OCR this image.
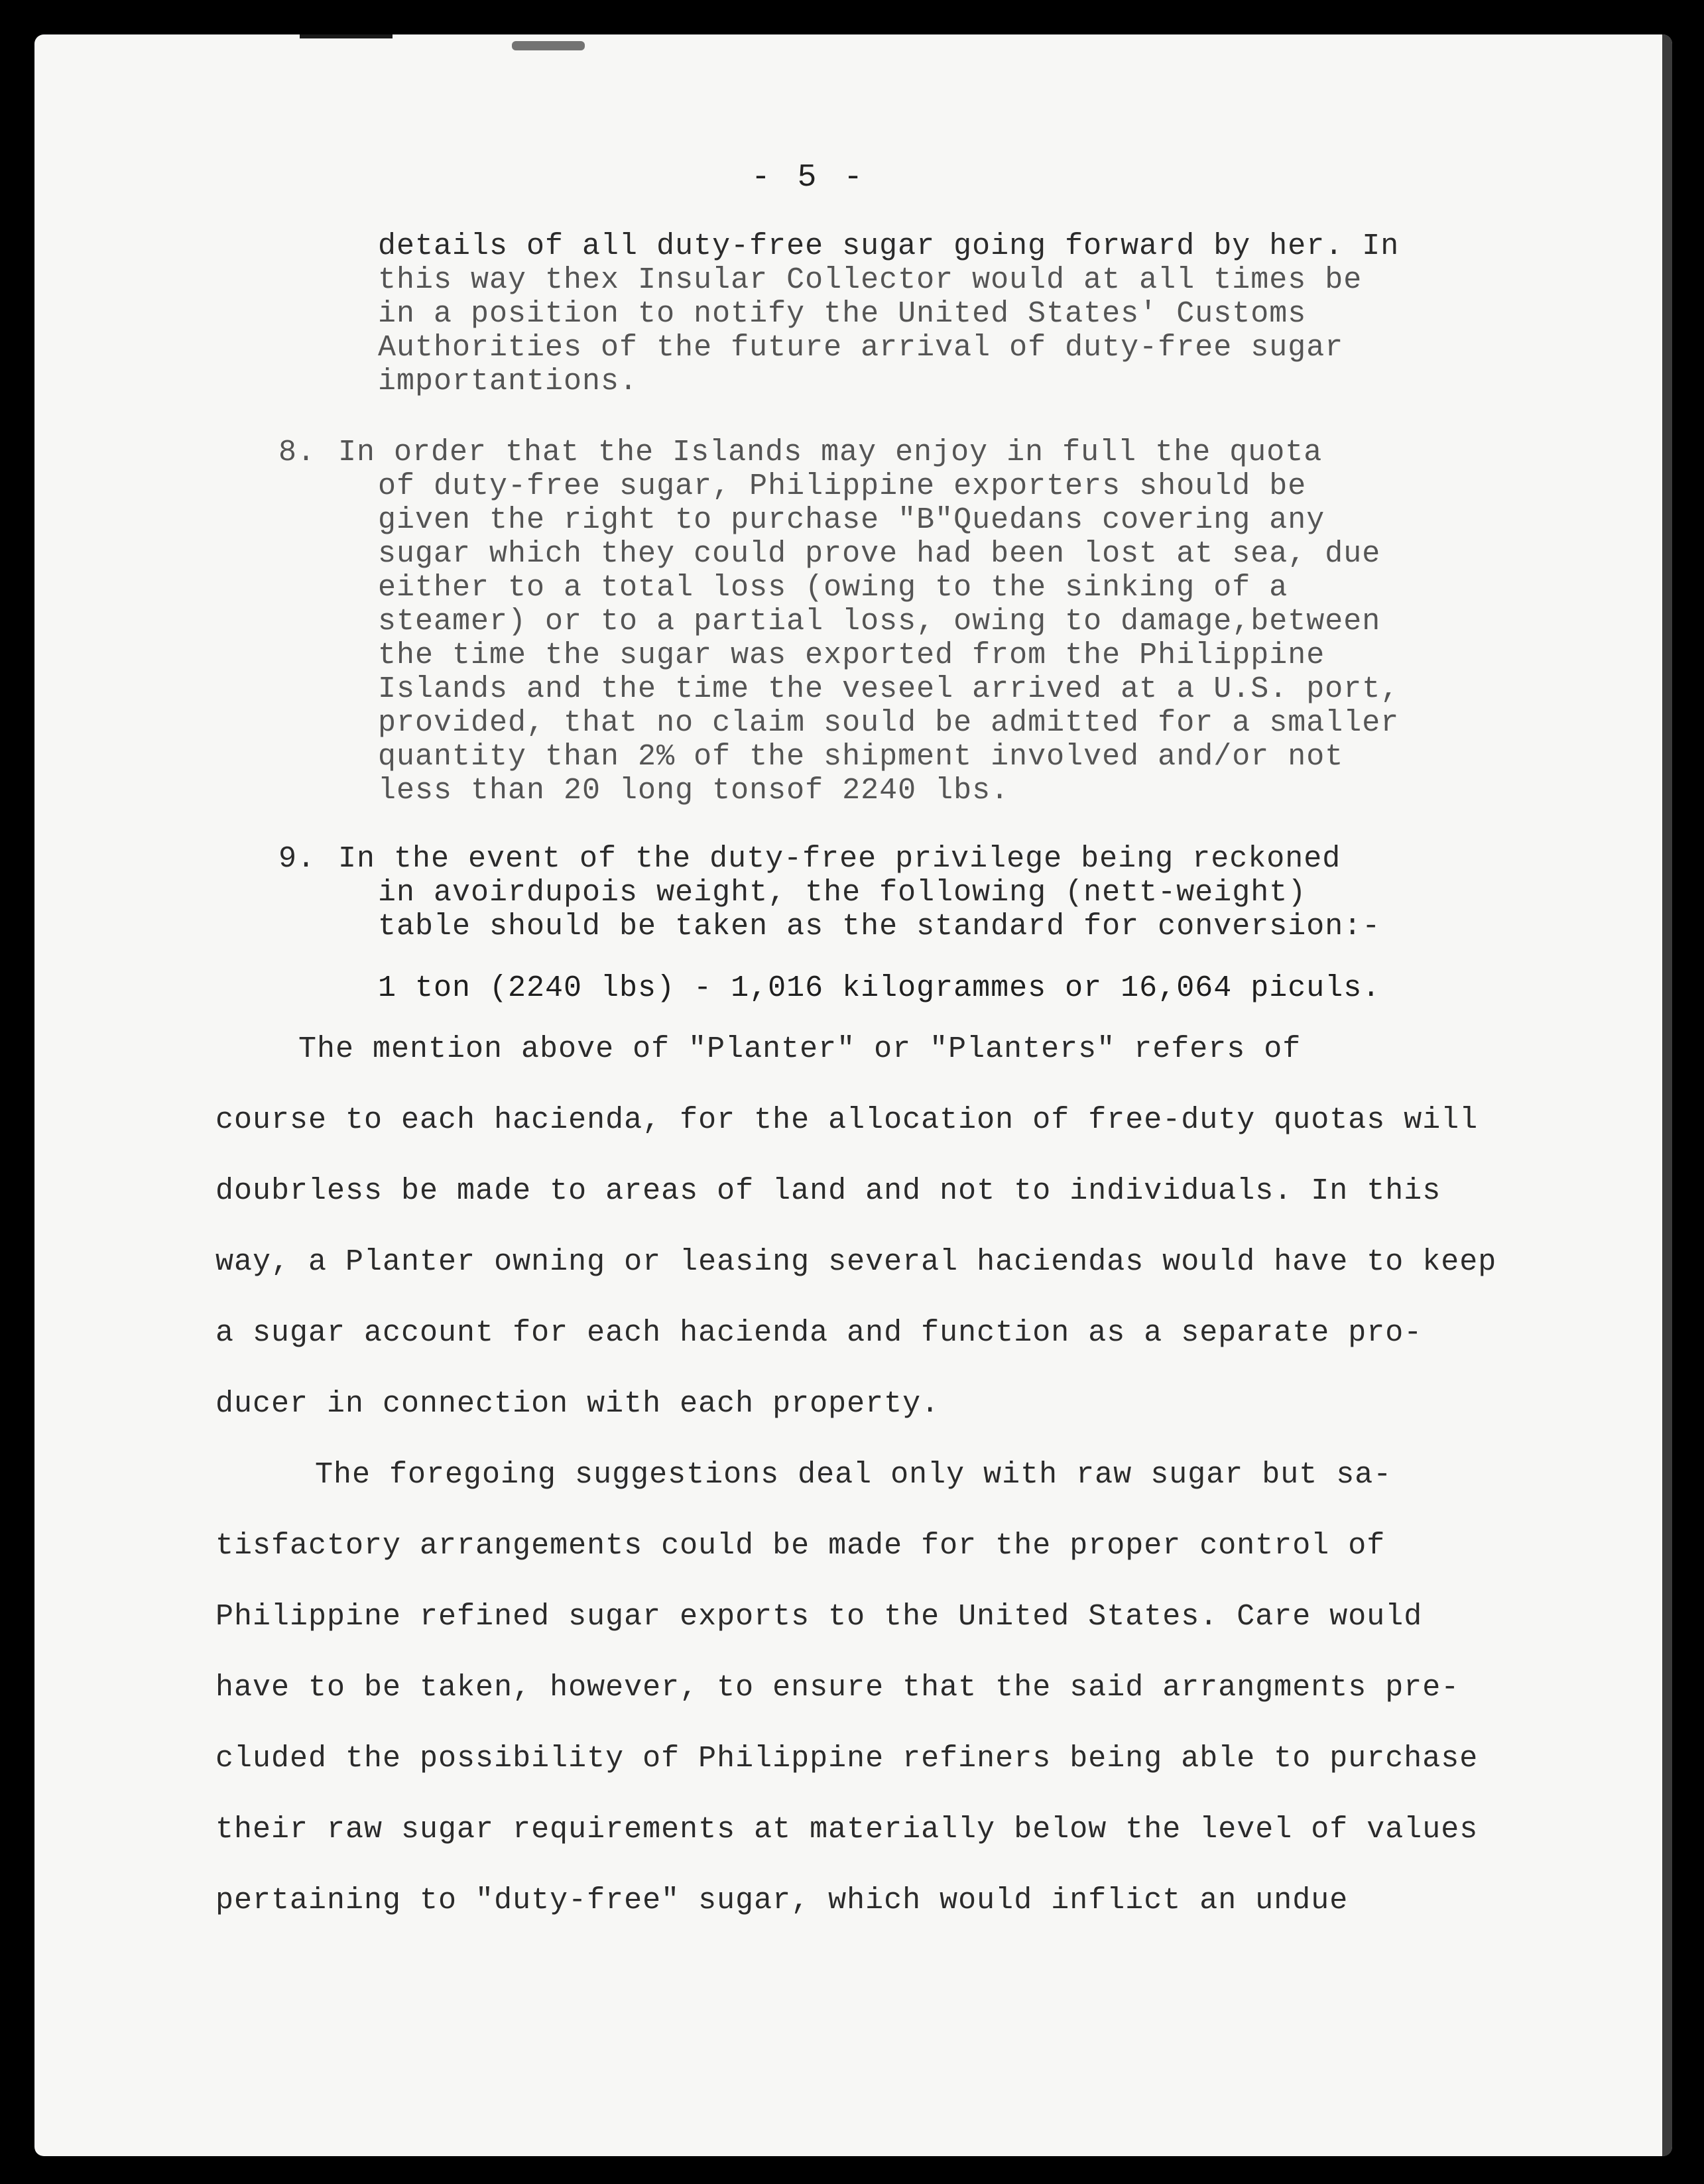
- 5 -
details of all duty-free sugar going forward by her. In
this way thex Insular Collector would at all times be
in a position to notify the United States' Customs
Authorities of the future arrival of duty-free sugar
importantions.
8. In order that the Islands may enjoy in full the quota
of duty-free sugar, Philippine exporters should be
given the right to purchase "B"Quedans covering any
sugar which they could prove had been lost at sea, due
either to a total loss (owing to the sinking of a
steamer) or to a partial loss, owing to damage,between
the time the sugar was exported from the Philippine
Islands and the time the veseel arrived at a U.S. port,
provided, that no claim sould be admitted for a smaller
quantity than 2% of the shipment involved and/or not
less than 20 long tonsof 2240 lbs.
9. In the event of the duty-free privilege being reckoned
in avoirdupois weight, the following (nett-weight)
table should be taken as the standard for conversion:-
1 ton (2240 lbs) - 1,016 kilogrammes or 16,064 piculs.
The mention above of "Planter" or "Planters" refers of
course to each hacienda, for the allocation of free-duty quotas will
doubrless be made to areas of land and not to individuals. In this
way, a Planter owning or leasing several haciendas would have to keep
a sugar account for each hacienda and function as a separate pro-
ducer in connection with each property.
The foregoing suggestions deal only with raw sugar but sa-
tisfactory arrangements could be made for the proper control of
Philippine refined sugar exports to the United States. Care would
have to be taken, however, to ensure that the said arrangments pre-
cluded the possibility of Philippine refiners being able to purchase
their raw sugar requirements at materially below the level of values
pertaining to "duty-free" sugar, which would inflict an undue
